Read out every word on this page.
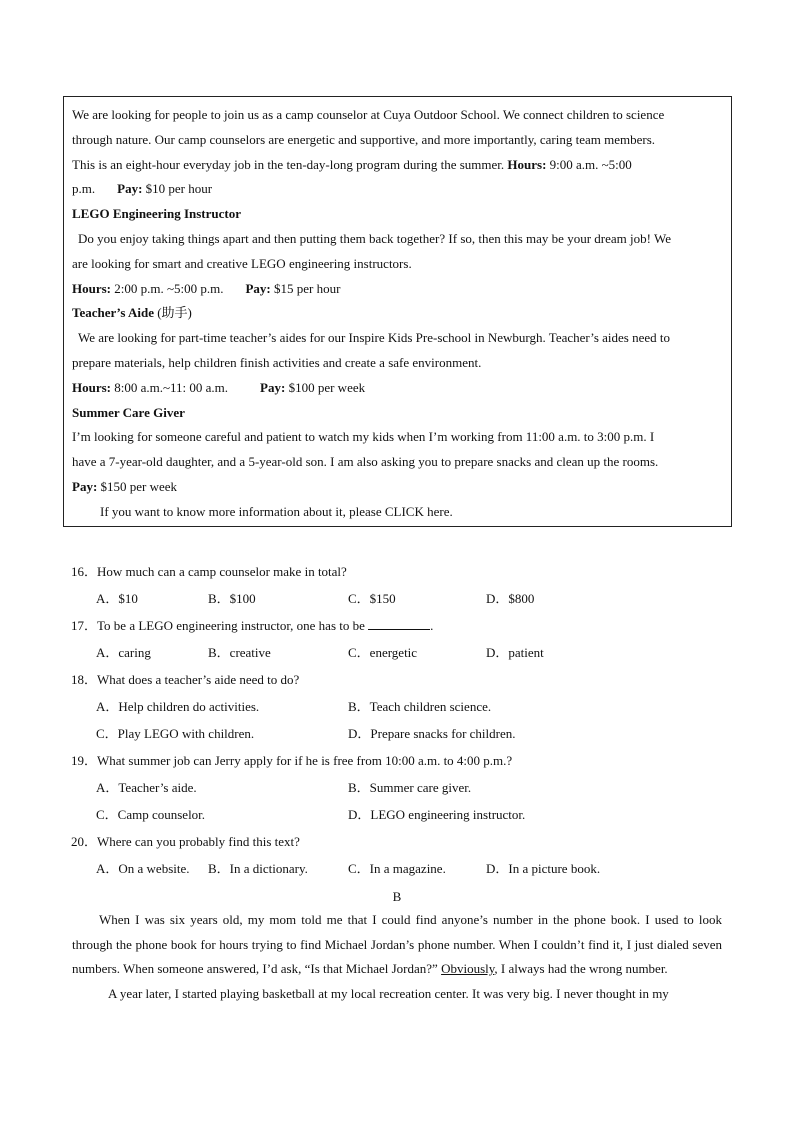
We are looking for people to join us as a camp counselor at Cuya Outdoor School. We connect children to science
through nature. Our camp counselors are energetic and supportive, and more importantly, caring team members.
This is an eight-hour everyday job in the ten-day-long program during the summer. Hours: 9:00 a.m. ~5:00
p.m. Pay: $10 per hour
LEGO Engineering Instructor
Do you enjoy taking things apart and then putting them back together? If so, then this may be your dream job! We
are looking for smart and creative LEGO engineering instructors.
Hours: 2:00 p.m. ~5:00 p.m. Pay: $15 per hour
Teacher’s Aide (助手)
We are looking for part-time teacher’s aides for our Inspire Kids Pre-school in Newburgh. Teacher’s aides need to
prepare materials, help children finish activities and create a safe environment.
Hours: 8:00 a.m.~11: 00 a.m. Pay: $100 per week
Summer Care Giver
I’m looking for someone careful and patient to watch my kids when I’m working from 11:00 a.m. to 3:00 p.m. I
have a 7-year-old daughter, and a 5-year-old son. I am also asking you to prepare snacks and clean up the rooms.
Pay: $150 per week
If you want to know more information about it, please CLICK here.
16．How much can a camp counselor make in total?
A．$10	B．$100	C．$150	D．$800
17．To be a LEGO engineering instructor, one has to be	.
A．caring	B．creative	C．energetic	D．patient
18．What does a teacher’s aide need to do?
A．Help children do activities.	B．Teach children science.
C．Play LEGO with children.	D．Prepare snacks for children.
19．What summer job can Jerry apply for if he is free from 10:00 a.m. to 4:00 p.m.?
A．Teacher’s aide.	B．Summer care giver.
C．Camp counselor.	D．LEGO engineering instructor.
20．Where can you probably find this text?
A．On a website. B．In a dictionary.	C．In a magazine.	D．In a picture book.
B

When I was six years old, my mom told me that I could find anyone’s number in the phone book. I used to look through the phone book for hours trying to find Michael Jordan’s phone number. When I couldn’t find it, I just dialed seven numbers. When someone answered, I’d ask, “Is that Michael Jordan?” Obviously, I always had the wrong number.

A year later, I started playing basketball at my local recreation center. It was very big. I never thought in my
